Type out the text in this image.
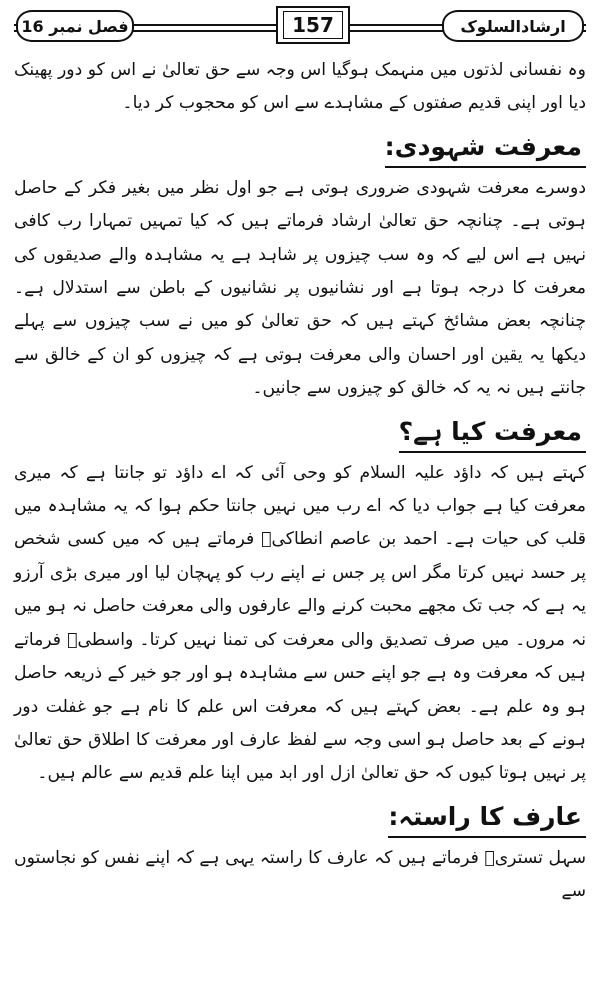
ارشادالسلوک
157
فصل نمبر 16

وہ نفسانی لذتوں میں منہمک ہوگیا اس وجہ سے حق تعالیٰ نے اس کو دور پھینک دیا اور اپنی قدیم صفتوں کے مشاہدے سے اس کو محجوب کر دیا۔

معرفت شہودی:

دوسرے معرفت شہودی ضروری ہوتی ہے جو اول نظر میں بغیر فکر کے حاصل ہوتی ہے۔ چنانچہ حق تعالیٰ ارشاد فرماتے ہیں کہ کیا تمہیں تمہارا رب کافی نہیں ہے اس لیے کہ وہ سب چیزوں پر شاہد ہے یہ مشاہدہ والے صدیقوں کی معرفت کا درجہ ہوتا ہے اور نشانیوں پر نشانیوں کے باطن سے استدلال ہے۔ چنانچہ بعض مشائخ کہتے ہیں کہ حق تعالیٰ کو میں نے سب چیزوں سے پہلے دیکھا یہ یقین اور احسان والی معرفت ہوتی ہے کہ چیزوں کو ان کے خالق سے جانتے ہیں نہ یہ کہ خالق کو چیزوں سے جانیں۔

معرفت کیا ہے؟

کہتے ہیں کہ داؤد علیہ السلام کو وحی آئی کہ اے داؤد تو جانتا ہے کہ میری معرفت کیا ہے جواب دیا کہ اے رب میں نہیں جانتا حکم ہوا کہ یہ مشاہدہ میں قلب کی حیات ہے۔ احمد بن عاصم انطاکیؒ فرماتے ہیں کہ میں کسی شخص پر حسد نہیں کرتا مگر اس پر جس نے اپنے رب کو پہچان لیا اور میری بڑی آرزو یہ ہے کہ جب تک مجھے محبت کرنے والے عارفوں والی معرفت حاصل نہ ہو میں نہ مروں۔ میں صرف تصدیق والی معرفت کی تمنا نہیں کرتا۔ واسطیؒ فرماتے ہیں کہ معرفت وہ ہے جو اپنے حس سے مشاہدہ ہو اور جو خیر کے ذریعہ حاصل ہو وہ علم ہے۔ بعض کہتے ہیں کہ معرفت اس علم کا نام ہے جو غفلت دور ہونے کے بعد حاصل ہو اسی وجہ سے لفظ عارف اور معرفت کا اطلاق حق تعالیٰ پر نہیں ہوتا کیوں کہ حق تعالیٰ ازل اور ابد میں اپنا علم قدیم سے عالم ہیں۔

عارف کا راستہ:

سہل تستریؒ فرماتے ہیں کہ عارف کا راستہ یہی ہے کہ اپنے نفس کو نجاستوں سے
